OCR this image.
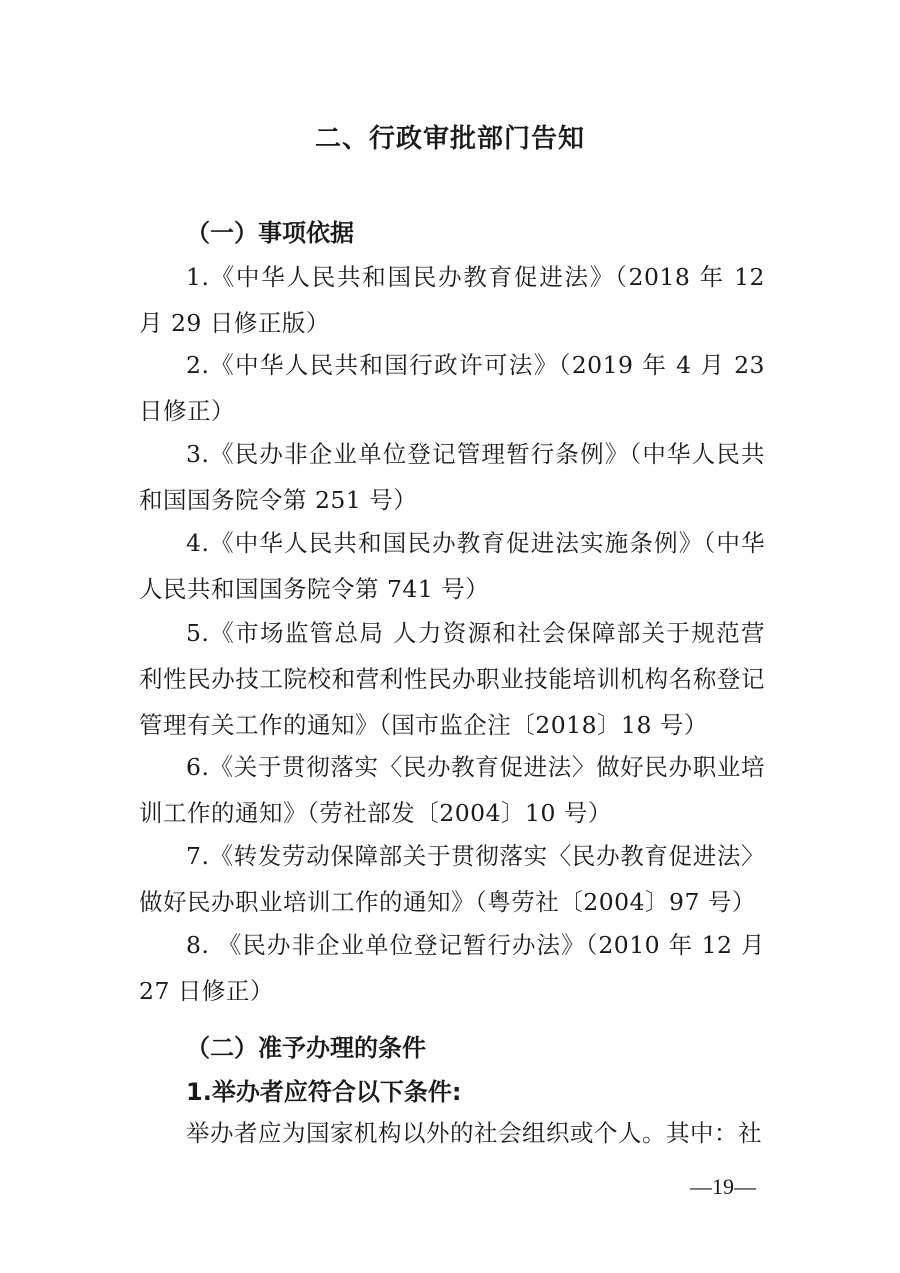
二、行政审批部门告知
（一）事项依据
1.《中华人民共和国民办教育促进法》（2018 年 12 月 29 日修正版）
2.《中华人民共和国行政许可法》（2019 年 4 月 23 日修正）
3.《民办非企业单位登记管理暂行条例》（中华人民共和国国务院令第 251 号）
4.《中华人民共和国民办教育促进法实施条例》（中华人民共和国国务院令第 741 号）
5.《市场监管总局 人力资源和社会保障部关于规范营利性民办技工院校和营利性民办职业技能培训机构名称登记管理有关工作的通知》（国市监企注〔2018〕18 号）
6.《关于贯彻落实〈民办教育促进法〉做好民办职业培训工作的通知》（劳社部发〔2004〕10 号）
7.《转发劳动保障部关于贯彻落实〈民办教育促进法〉做好民办职业培训工作的通知》（粤劳社〔2004〕97 号）
8. 《民办非企业单位登记暂行办法》（2010 年 12 月 27 日修正）
（二）准予办理的条件
1.举办者应符合以下条件:
举办者应为国家机构以外的社会组织或个人。其中：社
—19—
